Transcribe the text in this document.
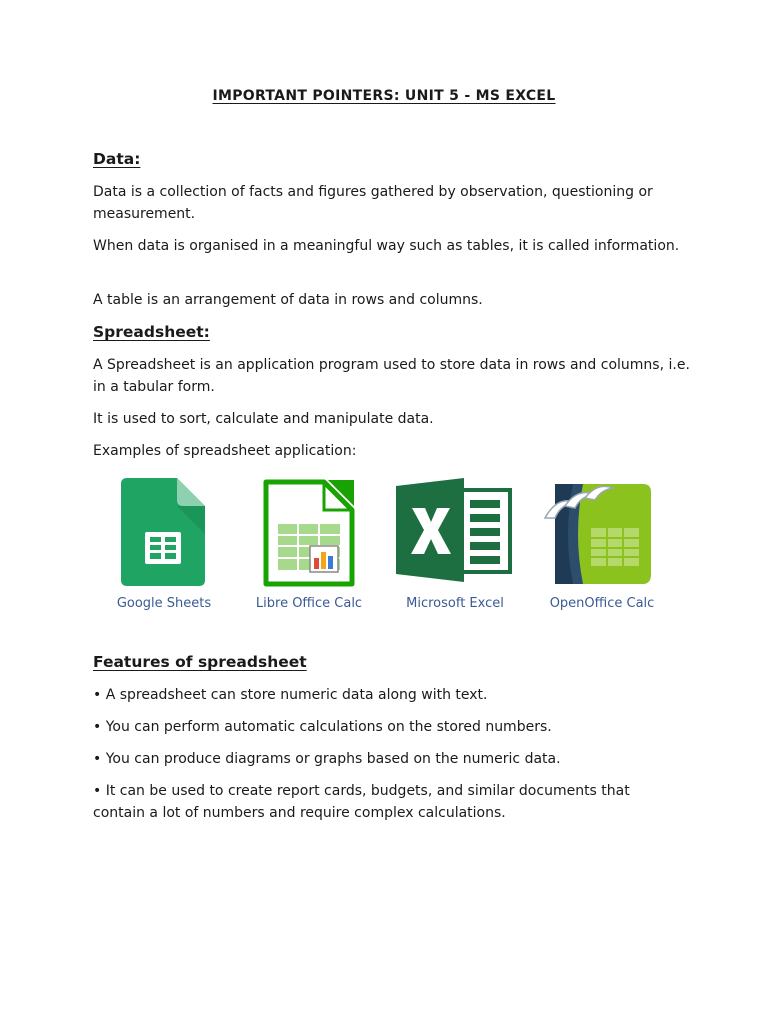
IMPORTANT POINTERS: UNIT 5 - MS EXCEL
Data:
Data is a collection of facts and figures gathered by observation, questioning or measurement.
When data is organised in a meaningful way such as tables, it is called information.
A table is an arrangement of data in rows and columns.
Spreadsheet:
A Spreadsheet is an application program used to store data in rows and columns, i.e. in a tabular form.
It is used to sort, calculate and manipulate data.
Examples of spreadsheet application:
Google Sheets	Libre Office Calc	Microsoft Excel	OpenOffice Calc
Features of spreadsheet
• A spreadsheet can store numeric data along with text.
• You can perform automatic calculations on the stored numbers.
• You can produce diagrams or graphs based on the numeric data.
• It can be used to create report cards, budgets, and similar documents that contain a lot of numbers and require complex calculations.
